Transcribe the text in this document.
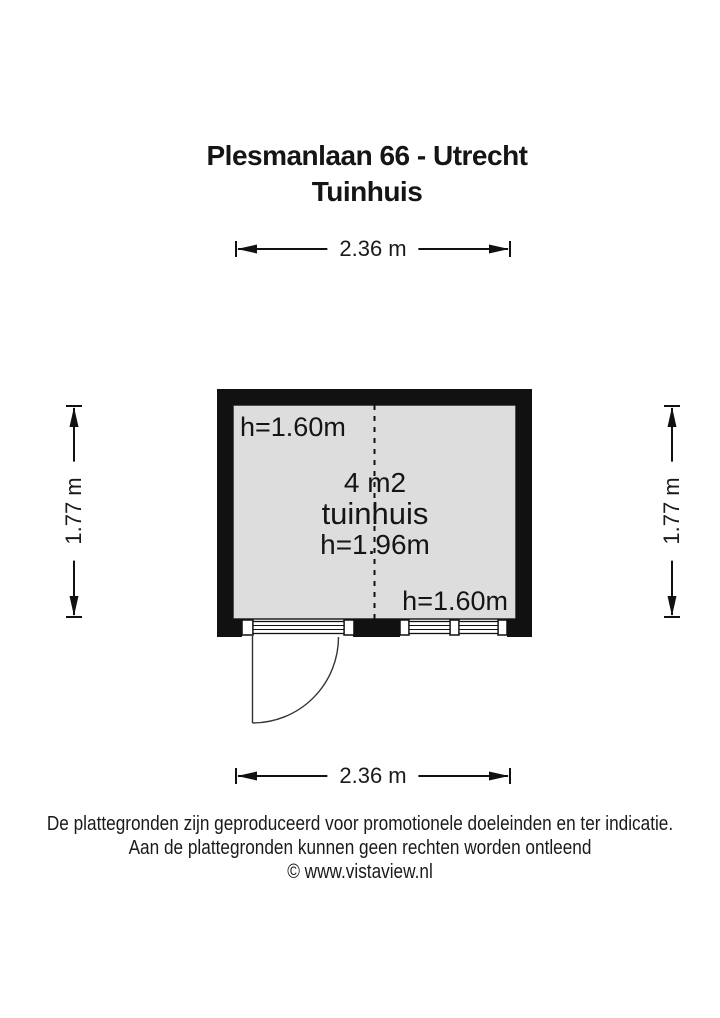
Plesmanlaan 66 - Utrecht
Tuinhuis
2.36 m
2.36 m
1.77 m	1.77 m
h=1.60m
4 m2
tuinhuis
h=1.96m
h=1.60m
De plattegronden zijn geproduceerd voor promotionele doeleinden en ter indicatie.
Aan de plattegronden kunnen geen rechten worden ontleend
© www.vistaview.nl
